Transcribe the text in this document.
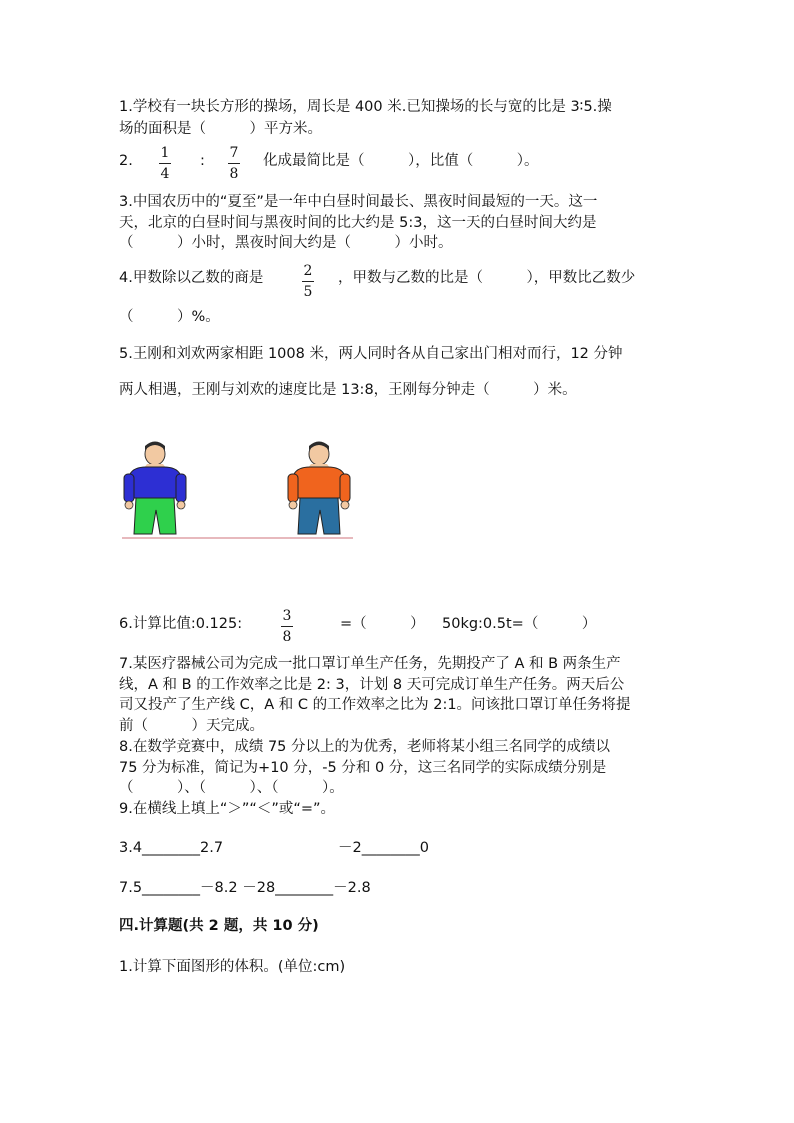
1.学校有一块长方形的操场，周长是 400 米.已知操场的长与宽的比是 3∶5.操
场的面积是（　　　）平方米。
2. 1
4
: 7
8
化成最简比是（　　　），比值（　　　）。
3.中国农历中的“夏至”是一年中白昼时间最长、黑夜时间最短的一天。这一
天，北京的白昼时间与黑夜时间的比大约是 5:3，这一天的白昼时间大约是
（　　　）小时，黑夜时间大约是（　　　）小时。
4.甲数除以乙数的商是	2
5
，甲数与乙数的比是（　　　），甲数比乙数少
（　　　）%。
5.王刚和刘欢两家相距 1008 米，两人同时各从自己家出门相对而行，12 分钟
两人相遇，王刚与刘欢的速度比是 13:8，王刚每分钟走（　　　）米。
6.计算比值:0.125:	3
8
=（　　　） 50kg:0.5t=（　　　）
7.某医疗器械公司为完成一批口罩订单生产任务，先期投产了 A 和 B 两条生产
线，A 和 B 的工作效率之比是 2: 3，计划 8 天可完成订单生产任务。两天后公
司又投产了生产线 C，A 和 C 的工作效率之比为 2:1。问该批口罩订单任务将提
前（　　　）天完成。
8.在数学竞赛中，成绩 75 分以上的为优秀，老师将某小组三名同学的成绩以
75 分为标准，简记为+10 分，-5 分和 0 分，这三名同学的实际成绩分别是
（　　　）、（　　　）、（　　　）。
9.在横线上填上“＞”“＜”或“=”。
3.4________2.7	－2________0
7.5________－8.2 －28________－2.8
四.计算题(共 2 题，共 10 分)
1.计算下面图形的体积。(单位:cm)
